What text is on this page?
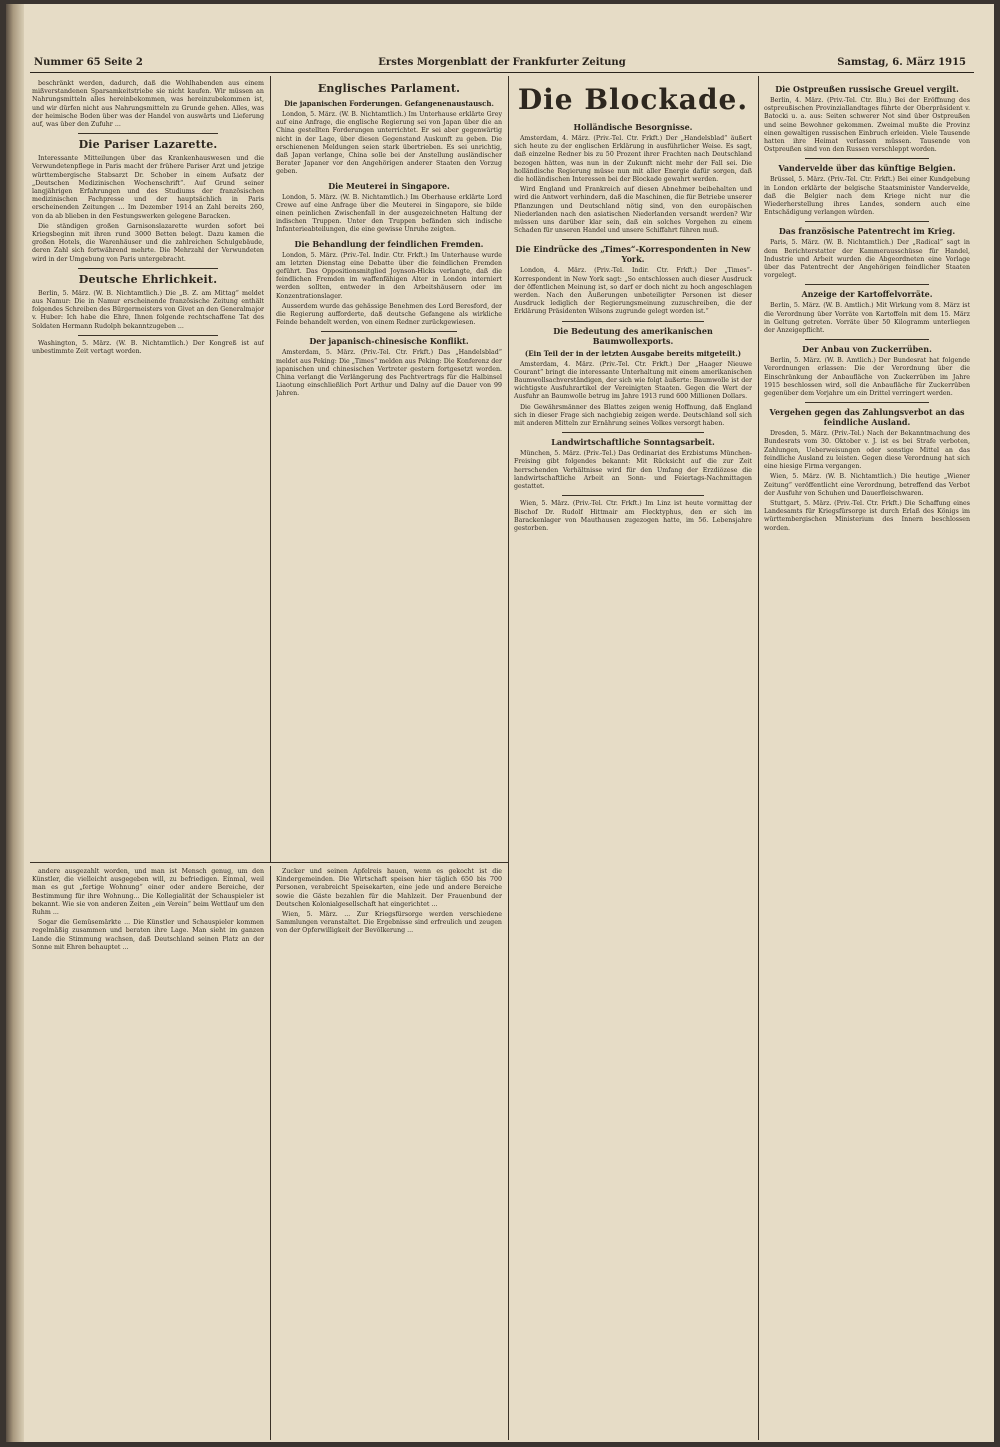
Nummer 65 Seite 2	Erstes Morgenblatt der Frankfurter Zeitung	Samstag, 6. März 1915

beschränkt werden, dadurch, daß die Wohlhabenden aus einem mißverstandenen Sparsamkeitstriebe sie nicht kaufen. Wir müssen an Nahrungsmitteln alles hereinbekommen, was hereinzubekommen ist, und wir dürfen nicht aus Nahrungsmitteln zu Grunde gehen. Alles, was der heimische Boden über was der Handel von auswärts und Lieferung auf, was über den Zufuhr ...

Die Pariser Lazarette.

Interessante Mitteilungen über das Krankenhauswesen und die Verwundetenpflege in Paris macht der frühere Pariser Arzt und jetzige württembergische Stabsarzt Dr. Schober in einem Aufsatz der „Deutschen Medizinischen Wochenschrift“. Auf Grund seiner langjährigen Erfahrungen und des Studiums der französischen medizinischen Fachpresse und der hauptsächlich in Paris erscheinenden Zeitungen ... Im Dezember 1914 an Zahl bereits 260, von da ab blieben in den Festungswerken gelegene Baracken.

Die ständigen großen Garnisonslazarette wurden sofort bei Kriegsbeginn mit ihren rund 3000 Betten belegt. Dazu kamen die großen Hotels, die Warenhäuser und die zahlreichen Schulgebäude, deren Zahl sich fortwährend mehrte. Die Mehrzahl der Verwundeten wird in der Umgebung von Paris untergebracht.

Deutsche Ehrlichkeit.

Berlin, 5. März. (W. B. Nichtamtlich.) Die „B. Z. am Mittag“ meldet aus Namur: Die in Namur erscheinende französische Zeitung enthält folgendes Schreiben des Bürgermeisters von Givet an den Generalmajor v. Huber: Ich habe die Ehre, Ihnen folgende rechtschaffene Tat des Soldaten Hermann Rudolph bekanntzugeben ...

Washington, 5. März. (W. B. Nichtamtlich.) Der Kongreß ist auf unbestimmte Zeit vertagt worden.

Englisches Parlament.
Die japanischen Forderungen. Gefangenenaustausch.

London, 5. März. (W. B. Nichtamtlich.) Im Unterhause erklärte Grey auf eine Anfrage, die englische Regierung sei von Japan über die an China gestellten Forderungen unterrichtet. Er sei aber gegenwärtig nicht in der Lage, über diesen Gegenstand Auskunft zu geben. Die erschienenen Meldungen seien stark übertrieben. Es sei unrichtig, daß Japan verlange, China solle bei der Anstellung ausländischer Berater Japaner vor den Angehörigen anderer Staaten den Vorzug geben.

Die Meuterei in Singapore.

London, 5. März. (W. B. Nichtamtlich.) Im Oberhause erklärte Lord Crewe auf eine Anfrage über die Meuterei in Singapore, sie bilde einen peinlichen Zwischenfall in der ausgezeichneten Haltung der indischen Truppen. Unter den Truppen befänden sich indische Infanterieabteilungen, die eine gewisse Unruhe zeigten.

Die Behandlung der feindlichen Fremden.

London, 5. März. (Priv.-Tel. Indir. Ctr. Frkft.) Im Unterhause wurde am letzten Dienstag eine Debatte über die feindlichen Fremden geführt. Das Oppositionsmitglied Joynson-Hicks verlangte, daß die feindlichen Fremden im waffenfähigen Alter in London interniert werden sollten, entweder in den Arbeitshäusern oder im Konzentrationslager.

Ausserdem wurde das gehässige Benehmen des Lord Beresford, der die Regierung aufforderte, daß deutsche Gefangene als wirkliche Feinde behandelt werden, von einem Redner zurückgewiesen.

Der japanisch-chinesische Konflikt.

Amsterdam, 5. März. (Priv.-Tel. Ctr. Frkft.) Das „Handelsblad“ meldet aus Peking: Die „Times“ melden aus Peking: Die Konferenz der japanischen und chinesischen Vertreter gestern fortgesetzt worden. China verlangt die Verlängerung des Pachtvertrags für die Halbinsel Liaotung einschließlich Port Arthur und Dalny auf die Dauer von 99 Jahren.

Die Blockade.
Holländische Besorgnisse.

Amsterdam, 4. März. (Priv.-Tel. Ctr. Frkft.) Der „Handelsblad“ äußert sich heute zu der englischen Erklärung in ausführlicher Weise. Es sagt, daß einzelne Redner bis zu 50 Prozent ihrer Frachten nach Deutschland bezogen hätten, was nun in der Zukunft nicht mehr der Fall sei. Die holländische Regierung müsse nun mit aller Energie dafür sorgen, daß die holländischen Interessen bei der Blockade gewahrt werden.

Wird England und Frankreich auf diesen Abnehmer beibehalten und wird die Antwort verhindern, daß die Maschinen, die für Betriebe unserer Pflanzungen und Deutschland nötig sind, von den europäischen Niederlanden nach den asiatischen Niederlanden versandt werden? Wir müssen uns darüber klar sein, daß ein solches Vorgehen zu einem Schaden für unseren Handel und unsere Schiffahrt führen muß.

Die Eindrücke des „Times“-Korrespondenten in New York.

London, 4. März. (Priv.-Tel. Indir. Ctr. Frkft.) Der „Times“-Korrespondent in New York sagt: „So entschlossen auch dieser Ausdruck der öffentlichen Meinung ist, so darf er doch nicht zu hoch angeschlagen werden. Nach den Äußerungen unbeteiligter Personen ist dieser Ausdruck lediglich der Regierungsmeinung zuzuschreiben, die der Erklärung Präsidenten Wilsons zugrunde gelegt worden ist.“

Die Bedeutung des amerikanischen Baumwollexports.
(Ein Teil der in der letzten Ausgabe bereits mitgeteilt.)

Amsterdam, 4. März. (Priv.-Tel. Ctr. Frkft.) Der „Haager Nieuwe Courant“ bringt die interessante Unterhaltung mit einem amerikanischen Baumwollsachverständigen, der sich wie folgt äußerte: Baumwolle ist der wichtigste Ausfuhrartikel der Vereinigten Staaten. Gegen die Wert der Ausfuhr an Baumwolle betrug im Jahre 1913 rund 600 Millionen Dollars.

Die Gewährsmänner des Blattes zeigen wenig Hoffnung, daß England sich in dieser Frage sich nachgiebig zeigen werde. Deutschland soll sich mit anderen Mitteln zur Ernährung seines Volkes versorgt haben.

Landwirtschaftliche Sonntagsarbeit.

München, 5. März. (Priv.-Tel.) Das Ordinariat des Erzbistums München-Freising gibt folgendes bekannt: Mit Rücksicht auf die zur Zeit herrschenden Verhältnisse wird für den Umfang der Erzdiözese die landwirtschaftliche Arbeit an Sonn- und Feiertags-Nachmittagen gestattet.

Wien, 5. März. (Priv.-Tel. Ctr. Frkft.) Im Linz ist heute vormittag der Bischof Dr. Rudolf Hittmair am Flecktyphus, den er sich im Barackenlager von Mauthausen zugezogen hatte, im 56. Lebensjahre gestorben.

Die Ostpreußen russische Greuel vergilt.

Berlin, 4. März. (Priv.-Tel. Ctr. Blu.) Bei der Eröffnung des ostpreußischen Provinziallandtages führte der Oberpräsident v. Batocki u. a. aus: Seiten schwerer Not sind über Ostpreußen und seine Bewohner gekommen. Zweimal mußte die Provinz einen gewaltigen russischen Einbruch erleiden. Viele Tausende hatten ihre Heimat verlassen müssen. Tausende von Ostpreußen sind von den Russen verschleppt worden.

Vandervelde über das künftige Belgien.

Brüssel, 5. März. (Priv.-Tel. Ctr. Frkft.) Bei einer Kundgebung in London erklärte der belgische Staatsminister Vandervelde, daß die Belgier nach dem Kriege nicht nur die Wiederherstellung ihres Landes, sondern auch eine Entschädigung verlangen würden.

Das französische Patentrecht im Krieg.

Paris, 5. März. (W. B. Nichtamtlich.) Der „Radical“ sagt in dem Berichterstatter der Kammerausschüsse für Handel, Industrie und Arbeit wurden die Abgeordneten eine Vorlage über das Patentrecht der Angehörigen feindlicher Staaten vorgelegt.

Anzeige der Kartoffelvorräte.

Berlin, 5. März. (W. B. Amtlich.) Mit Wirkung vom 8. März ist die Verordnung über Vorräte von Kartoffeln mit dem 15. März in Geltung getreten. Vorräte über 50 Kilogramm unterliegen der Anzeigepflicht.

Der Anbau von Zuckerrüben.

Berlin, 5. März. (W. B. Amtlich.) Der Bundesrat hat folgende Verordnungen erlassen: Die der Verordnung über die Einschränkung der Anbaufläche von Zuckerrüben im Jahre 1915 beschlossen wird, soll die Anbaufläche für Zuckerrüben gegenüber dem Vorjahre um ein Drittel verringert werden.

Vergehen gegen das Zahlungsverbot an das feindliche Ausland.

Dresden, 5. März. (Priv.-Tel.) Nach der Bekanntmachung des Bundesrats vom 30. Oktober v. J. ist es bei Strafe verboten, Zahlungen, Ueberweisungen oder sonstige Mittel an das feindliche Ausland zu leisten. Gegen diese Verordnung hat sich eine hiesige Firma vergangen.

Wien, 5. März. (W. B. Nichtamtlich.) Die heutige „Wiener Zeitung“ veröffentlicht eine Verordnung, betreffend das Verbot der Ausfuhr von Schuhen und Dauerfleischwaren.

Stuttgart, 5. März. (Priv.-Tel. Ctr. Frkft.) Die Schaffung eines Landesamts für Kriegsfürsorge ist durch Erlaß des Königs im württembergischen Ministerium des Innern beschlossen worden.

andere ausgezahlt worden, und man ist Mensch genug, um den Künstler, die vielleicht ausgegeben will, zu befriedigen. Einmal, weil man es gut „fertige Wohnung“ einer oder andere Bereiche, der Bestimmung für ihre Wohnung... Die Kollegialität der Schauspieler ist bekannt. Wie sie von anderen Zeiten „ein Verein“ beim Wettlauf um den Ruhm ...

Sogar die Gemüsemärkte ... Die Künstler und Schauspieler kommen regelmäßig zusammen und beraten ihre Lage. Man sieht im ganzen Lande die Stimmung wachsen, daß Deutschland seinen Platz an der Sonne mit Ehren behauptet ...

Zucker und seinen Apfelreis hauen, wenn es gekocht ist die Kindergemeinden. Die Wirtschaft speisen hier täglich 650 bis 700 Personen, verabreicht Speisekarten, eine jede und andere Bereiche sowie die Gäste bezahlen für die Mahlzeit. Der Frauenbund der Deutschen Kolonialgesellschaft hat eingerichtet ...

Wien, 5. März. ... Zur Kriegsfürsorge werden verschiedene Sammlungen veranstaltet. Die Ergebnisse sind erfreulich und zeugen von der Opferwilligkeit der Bevölkerung ...
